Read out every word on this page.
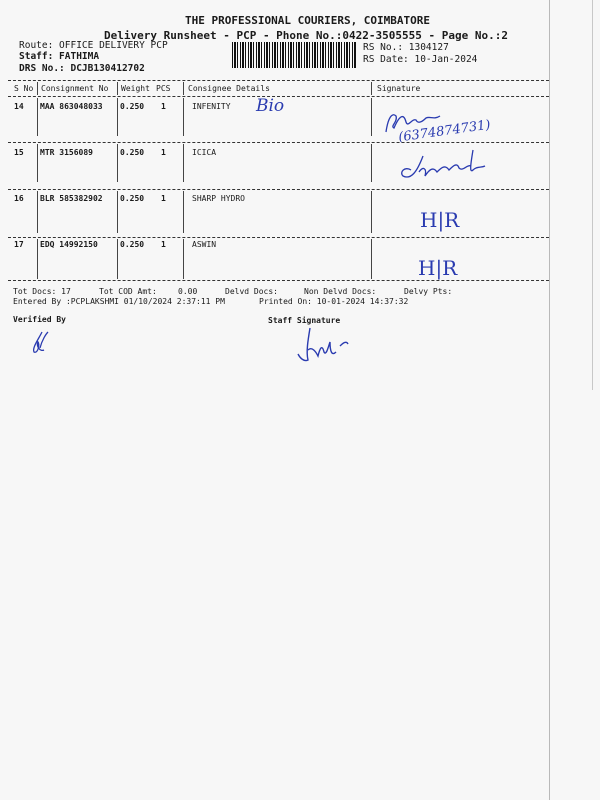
THE PROFESSIONAL COURIERS, COIMBATORE
Delivery Runsheet - PCP - Phone No.:0422-3505555 - Page No.:2
Route: OFFICE DELIVERY PCP
Staff: FATHIMA
DRS No.: DCJB130412702
RS No.: 1304127
RS Date: 10-Jan-2024
S No Consignment No Weight PCS Consignee Details	Signature
14 MAA 863048033 0.250 1	INFENITY Bio
(6374874731)
15 MTR 3156089	0.250 1	ICICA
16 BLR 585382902 0.250 1	SHARP HYDRO
H|R
17 EDQ 14992150	0.250 1	ASWIN
H|R
Tot Docs: 17	Tot COD Amt:	0.00	Delvd Docs:	Non Delvd Docs:	Delvy Pts:
Entered By :PCPLAKSHMI 01/10/2024 2:37:11 PM	Printed On: 10-01-2024 14:37:32
Verified By	Staff Signature
